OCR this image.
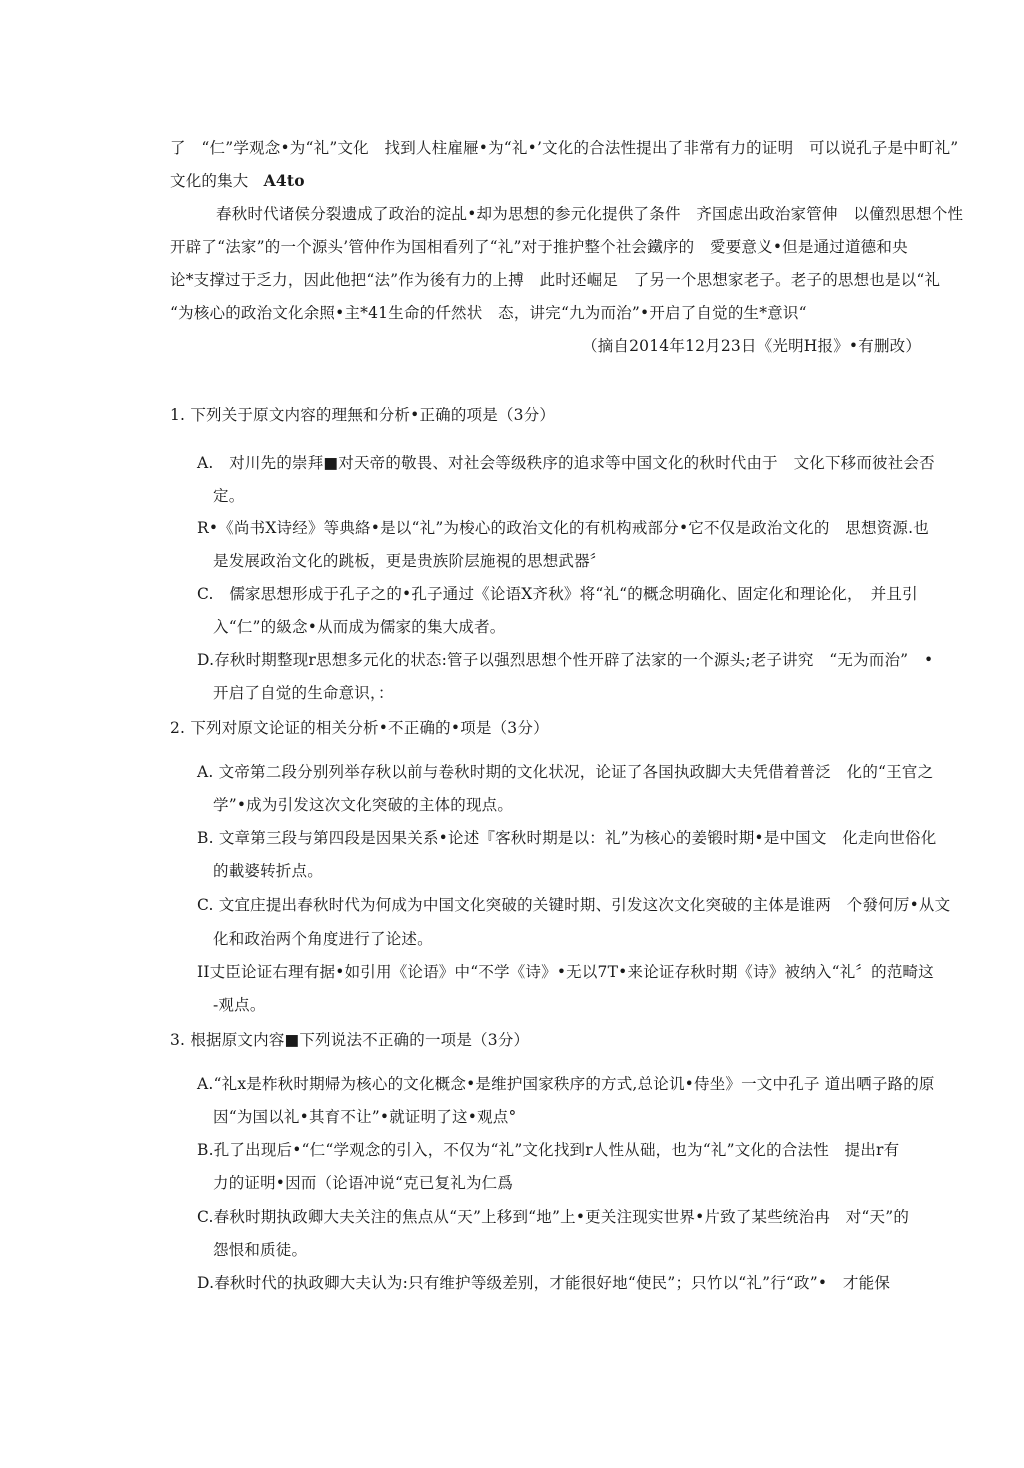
了　“仁”学观念•为“礼”文化　找到人柱雇屜•为“礼•’文化的合法性提出了非常有力的证明　可以说孔子是中町礼”
文化的集大 A4to
春秋时代诸侯分裂遗成了政治的淀乩•却为思想的参元化提供了条件　齐国虑出政治家管伸　以僮烈思想个性
开辟了“法家”的一个源头’管仲作为国相看列了“礼”对于推护整个社会鐵序的　愛要意义•但是通过道德和央
论*支撑过于乏力，因此他把“法”作为後有力的上搏　此时还崛足　了另一个思想家老子。老子的思想也是以“礼
“为核心的政治文化余照•主*41生命的仟然状　态，讲完“九为而治”•开启了自觉的生*意识“
（摘自2014年12月23日《光明H报》•有删改）
1. 下列关于原文内容的理無和分析•正确的项是（3分）
A.　对川先的崇拜■对天帝的敬畏、对社会等级秩序的追求等中国文化的秋时代由于　文化下移而彼社会否
定。
R•《尚书X诗经》等典絡•是以“礼”为梭心的政治文化的有机构戒部分•它不仅是政治文化的　思想资源.也
是发展政治文化的跳板，更是贵族阶层施視的思想武器〞
C.　儒家思想形成于孔子之的•孔子通过《论语X齐秋》将“礼“的概念明确化、固定化和理论化，　并且引
入“仁”的級念•从而成为儒家的集大成者。
D.存秋时期整现r思想多元化的状态:管子以强烈思想个性开辟了法家的一个源头;老子讲究　“无为而治”　•
开启了自觉的生命意识，：
2. 下列对原文论证的相关分析•不正确的•项是（3分）
A. 文帝第二段分别列举存秋以前与卷秋时期的文化状况，论证了各国执政脚大夫凭借着普泛　化的“王官之
学”•成为引发这次文化突破的主体的现点。
B. 文章第三段与第四段是因果关系•论述『客秋时期是以：礼”为核心的姜锻时期•是中国文　化走向世俗化
的載婆转折点。
C. 文宜庄提出春秋时代为何成为中国文化突破的关键时期、引发这次文化突破的主体是谁两　个發何厉•从文
化和政治两个角度进行了论述。
II丈臣论证右理有据•如引用《论语》中“不学《诗》•无以7T•来论证存秋时期《诗》被纳入“礼〞的范畸这
-观点。
3. 根据原文内容■下列说法不正确的一项是（3分）
A.“礼x是柞秋时期帰为核心的文化概念•是维护国家秩序的方式,总论讥•侍坐》一文中孔子 道出哂子路的原
因“为国以礼•其育不让”•就证明了这•观点°
B.孔了出现后•“仁“学观念的引入，不仅为“礼”文化找到r人性从础，也为“礼”文化的合法性　提出r有
力的证明•因而（论语冲说“克已复礼为仁爲
C.春秋时期执政卿大夫关注的焦点从“天”上移到“地”上•更关注现实世界•片致了某些统治冉　对“天”的
怨恨和质徒。
D.春秋时代的执政卿大夫认为:只有维护等级差别，才能很好地“使民”；只竹以“礼”行“政”•　才能保
